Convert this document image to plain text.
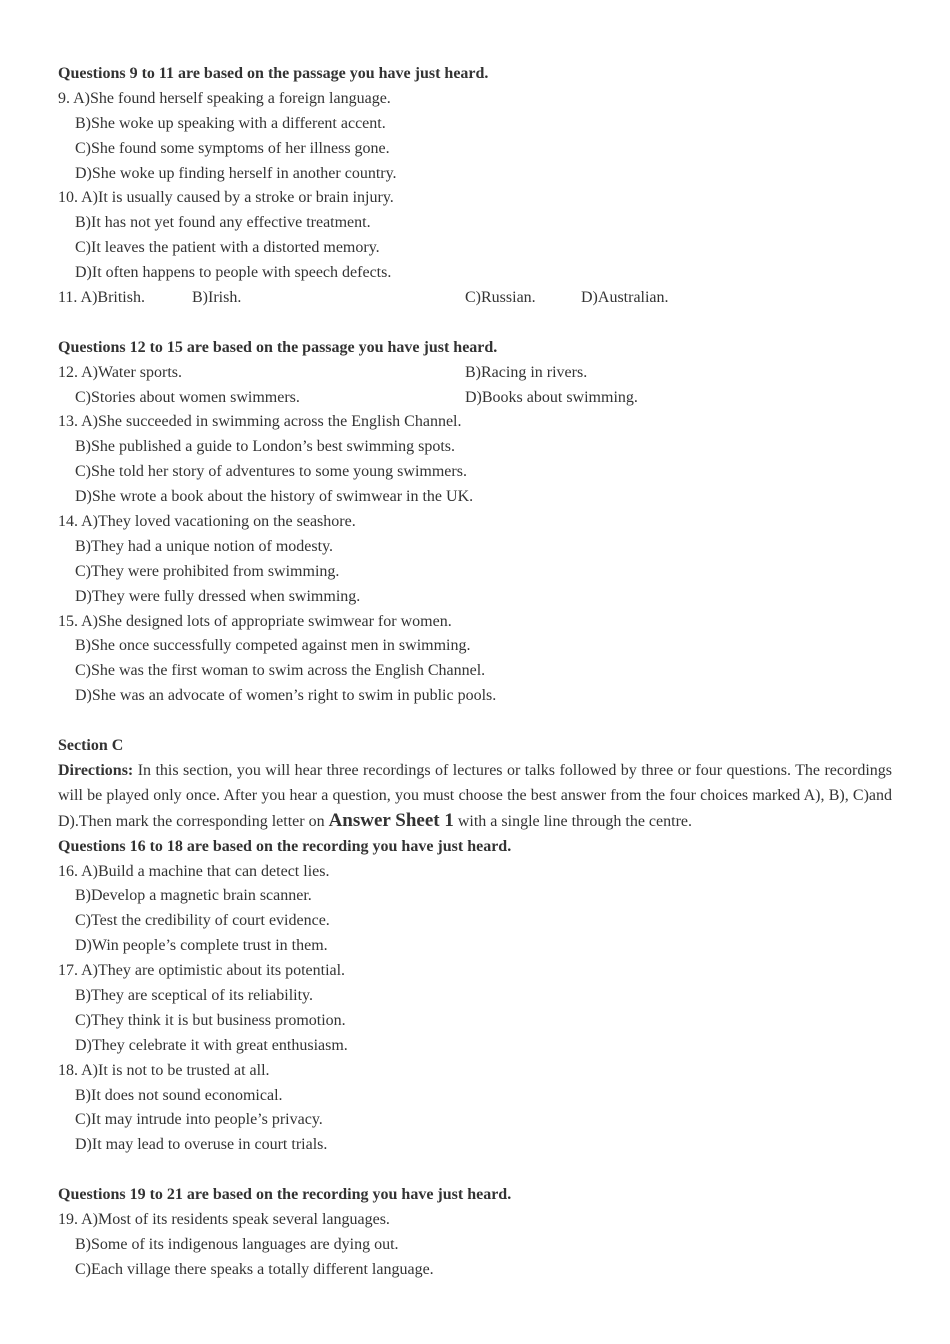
Questions 9 to 11 are based on the passage you have just heard.
9. A)She found herself speaking a foreign language.
B)She woke up speaking with a different accent.
C)She found some symptoms of her illness gone.
D)She woke up finding herself in another country.
10. A)It is usually caused by a stroke or brain injury.
B)It has not yet found any effective treatment.
C)It leaves the patient with a distorted memory.
D)It often happens to people with speech defects.
11. A)British.	B)Irish.	C)Russian.	D)Australian.
Questions 12 to 15 are based on the passage you have just heard.
12. A)Water sports.	B)Racing in rivers.
C)Stories about women swimmers.	D)Books about swimming.
13. A)She succeeded in swimming across the English Channel.
B)She published a guide to London’s best swimming spots.
C)She told her story of adventures to some young swimmers.
D)She wrote a book about the history of swimwear in the UK.
14. A)They loved vacationing on the seashore.
B)They had a unique notion of modesty.
C)They were prohibited from swimming.
D)They were fully dressed when swimming.
15. A)She designed lots of appropriate swimwear for women.
B)She once successfully competed against men in swimming.
C)She was the first woman to swim across the English Channel.
D)She was an advocate of women’s right to swim in public pools.
Section C
Directions: In this section, you will hear three recordings of lectures or talks followed by three or four questions. The recordings will be played only once. After you hear a question, you must choose the best answer from the four choices marked A), B), C)and D).Then mark the corresponding letter on Answer Sheet 1 with a single line through the centre.
Questions 16 to 18 are based on the recording you have just heard.
16. A)Build a machine that can detect lies.
B)Develop a magnetic brain scanner.
C)Test the credibility of court evidence.
D)Win people’s complete trust in them.
17. A)They are optimistic about its potential.
B)They are sceptical of its reliability.
C)They think it is but business promotion.
D)They celebrate it with great enthusiasm.
18. A)It is not to be trusted at all.
B)It does not sound economical.
C)It may intrude into people’s privacy.
D)It may lead to overuse in court trials.
Questions 19 to 21 are based on the recording you have just heard.
19. A)Most of its residents speak several languages.
B)Some of its indigenous languages are dying out.
C)Each village there speaks a totally different language.
